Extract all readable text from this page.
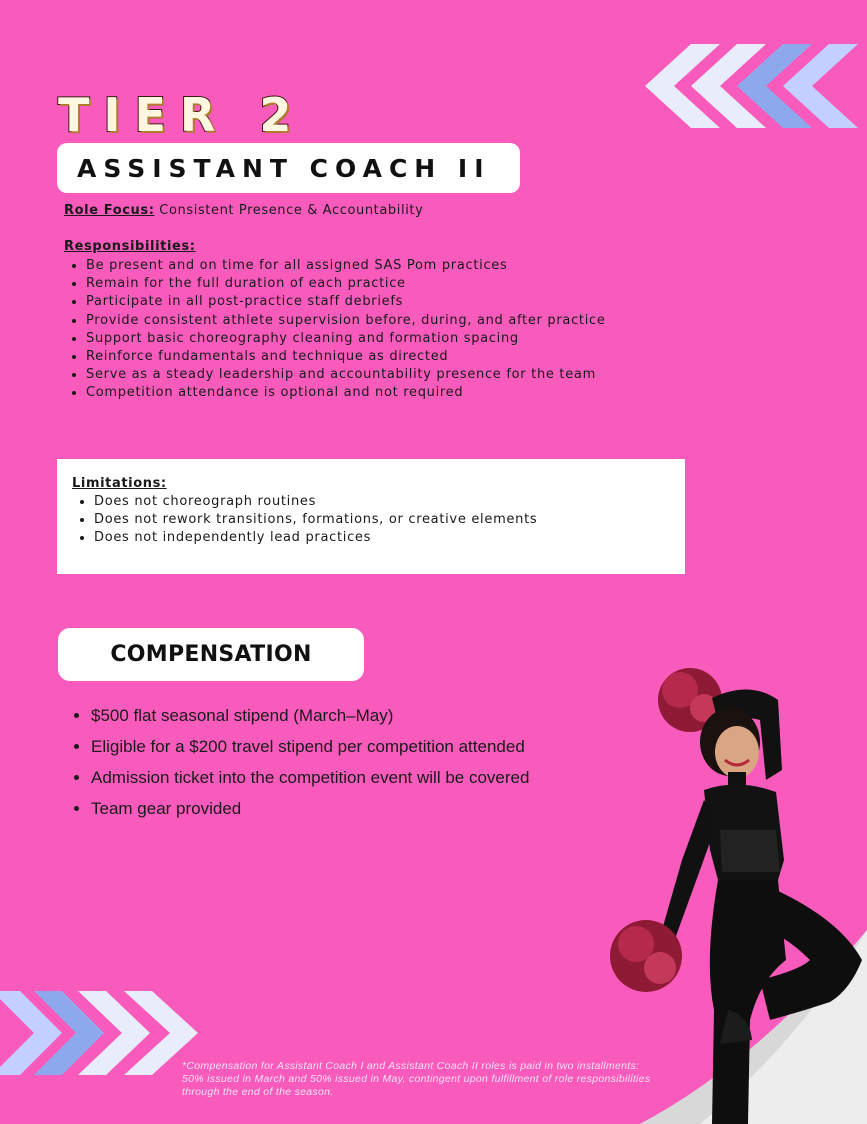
TIER 2
ASSISTANT COACH II
Role Focus: Consistent Presence & Accountability
Responsibilities:
• Be present and on time for all assigned SAS Pom practices
• Remain for the full duration of each practice
• Participate in all post-practice staff debriefs
• Provide consistent athlete supervision before, during, and after practice
• Support basic choreography cleaning and formation spacing
• Reinforce fundamentals and technique as directed
• Serve as a steady leadership and accountability presence for the team
• Competition attendance is optional and not required
Limitations:
• Does not choreograph routines
• Does not rework transitions, formations, or creative elements
• Does not independently lead practices
COMPENSATION
• $500 flat seasonal stipend (March–May)
• Eligible for a $200 travel stipend per competition attended
• Admission ticket into the competition event will be covered
• Team gear provided
*Compensation for Assistant Coach I and Assistant Coach II roles is paid in two installments: 50% issued in March and 50% issued in May, contingent upon fulfillment of role responsibilities through the end of the season.
